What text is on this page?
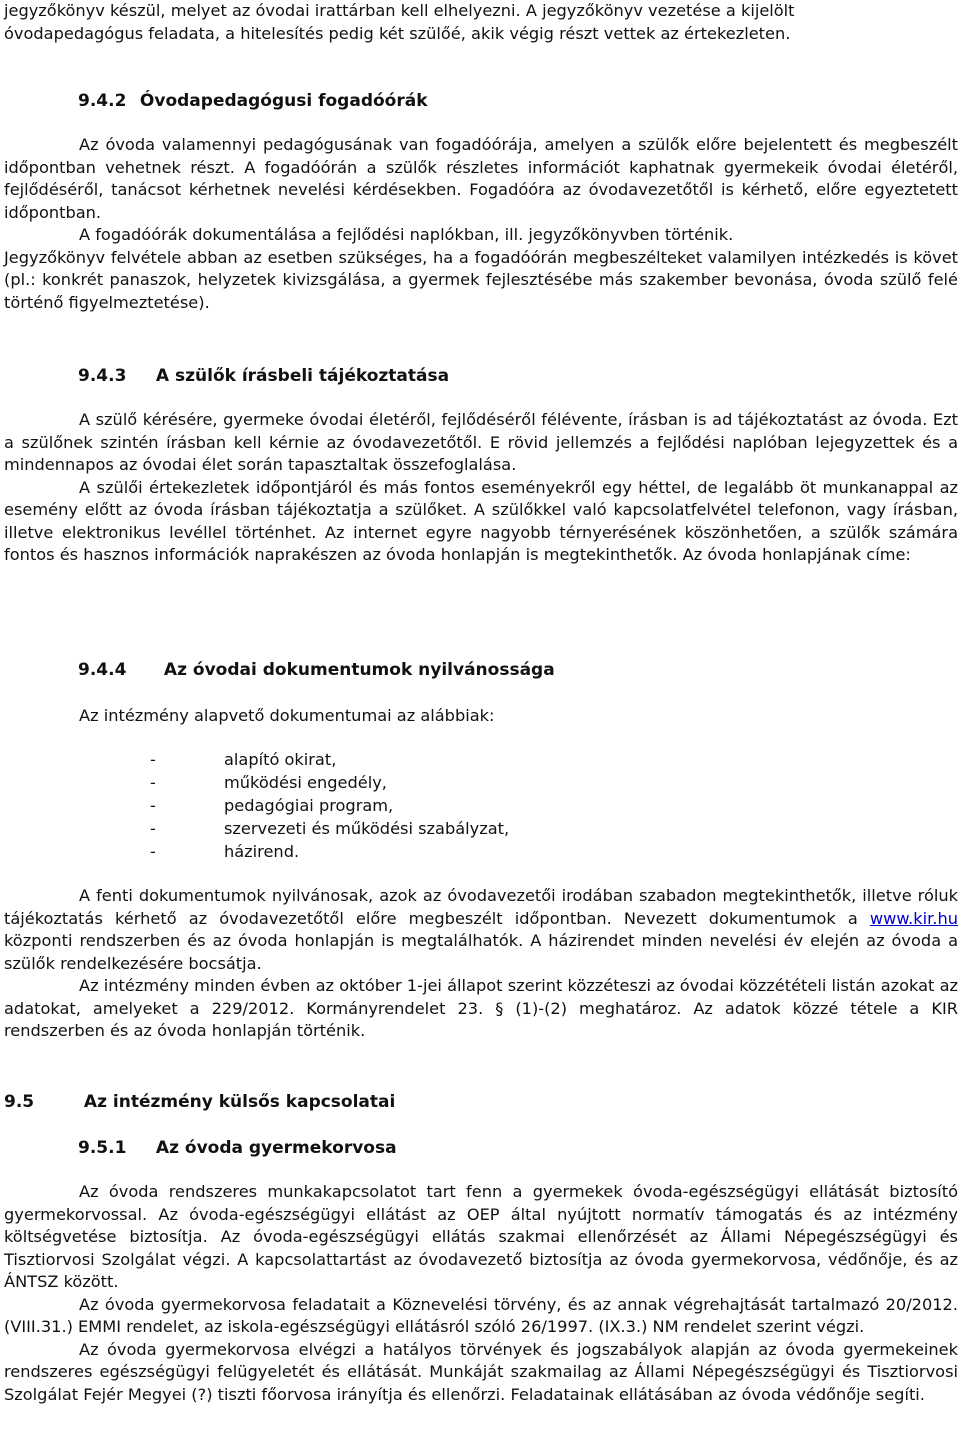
jegyzőkönyv készül, melyet az óvodai irattárban kell elhelyezni. A jegyzőkönyv vezetése a kijelölt

óvodapedagógus feladata, a hitelesítés pedig két szülőé, akik végig részt vettek az értekezleten.

9.4.2 Óvodapedagógusi fogadóórák

Az óvoda valamennyi pedagógusának van fogadóórája, amelyen a szülők előre bejelentett és megbeszélt időpontban vehetnek részt. A fogadóórán a szülők részletes információt kaphatnak gyermekeik óvodai életéről, fejlődéséről, tanácsot kérhetnek nevelési kérdésekben. Fogadóóra az óvodavezetőtől is kérhető, előre egyeztetett időpontban.

A fogadóórák dokumentálása a fejlődési naplókban, ill. jegyzőkönyvben történik.

Jegyzőkönyv felvétele abban az esetben szükséges, ha a fogadóórán megbeszélteket valamilyen intézkedés is követ (pl.: konkrét panaszok, helyzetek kivizsgálása, a gyermek fejlesztésébe más szakember bevonása, óvoda szülő felé történő figyelmeztetése).

9.4.3 A szülők írásbeli tájékoztatása

A szülő kérésére, gyermeke óvodai életéről, fejlődéséről félévente, írásban is ad tájékoztatást az óvoda. Ezt a szülőnek szintén írásban kell kérnie az óvodavezetőtől. E rövid jellemzés a fejlődési naplóban lejegyzettek és a mindennapos az óvodai élet során tapasztaltak összefoglalása.

A szülői értekezletek időpontjáról és más fontos eseményekről egy héttel, de legalább öt munkanappal az esemény előtt az óvoda írásban tájékoztatja a szülőket. A szülőkkel való kapcsolatfelvétel telefonon, vagy írásban, illetve elektronikus levéllel történhet. Az internet egyre nagyobb térnyerésének köszönhetően, a szülők számára fontos és hasznos információk naprakészen az óvoda honlapján is megtekinthetők. Az óvoda honlapjának címe:

9.4.4 Az óvodai dokumentumok nyilvánossága

Az intézmény alapvető dokumentumai az alábbiak:

-	alapító okirat,
-	működési engedély,
-	pedagógiai program,
-	szervezeti és működési szabályzat,
-	házirend.

A fenti dokumentumok nyilvánosak, azok az óvodavezetői irodában szabadon megtekinthetők, illetve róluk tájékoztatás kérhető az óvodavezetőtől előre megbeszélt időpontban. Nevezett dokumentumok a www.kir.hu központi rendszerben és az óvoda honlapján is megtalálhatók. A házirendet minden nevelési év elején az óvoda a szülők rendelkezésére bocsátja.

Az intézmény minden évben az október 1-jei állapot szerint közzéteszi az óvodai közzétételi listán azokat az adatokat, amelyeket a 229/2012. Kormányrendelet 23. § (1)-(2) meghatároz. Az adatok közzé tétele a KIR rendszerben és az óvoda honlapján történik.

9.5	Az intézmény külsős kapcsolatai
9.5.1 Az óvoda gyermekorvosa

Az óvoda rendszeres munkakapcsolatot tart fenn a gyermekek óvoda-egészségügyi ellátását biztosító gyermekorvossal. Az óvoda-egészségügyi ellátást az OEP által nyújtott normatív támogatás és az intézmény költségvetése biztosítja. Az óvoda-egészségügyi ellátás szakmai ellenőrzését az Állami Népegészségügyi és Tisztiorvosi Szolgálat végzi. A kapcsolattartást az óvodavezető biztosítja az óvoda gyermekorvosa, védőnője, és az ÁNTSZ között.

Az óvoda gyermekorvosa feladatait a Köznevelési törvény, és az annak végrehajtását tartalmazó 20/2012. (VIII.31.) EMMI rendelet, az iskola-egészségügyi ellátásról szóló 26/1997. (IX.3.) NM rendelet szerint végzi.

Az óvoda gyermekorvosa elvégzi a hatályos törvények és jogszabályok alapján az óvoda gyermekeinek rendszeres egészségügyi felügyeletét és ellátását. Munkáját szakmailag az Állami Népegészségügyi és Tisztiorvosi Szolgálat Fejér Megyei (?) tiszti főorvosa irányítja és ellenőrzi. Feladatainak ellátásában az óvoda védőnője segíti.
